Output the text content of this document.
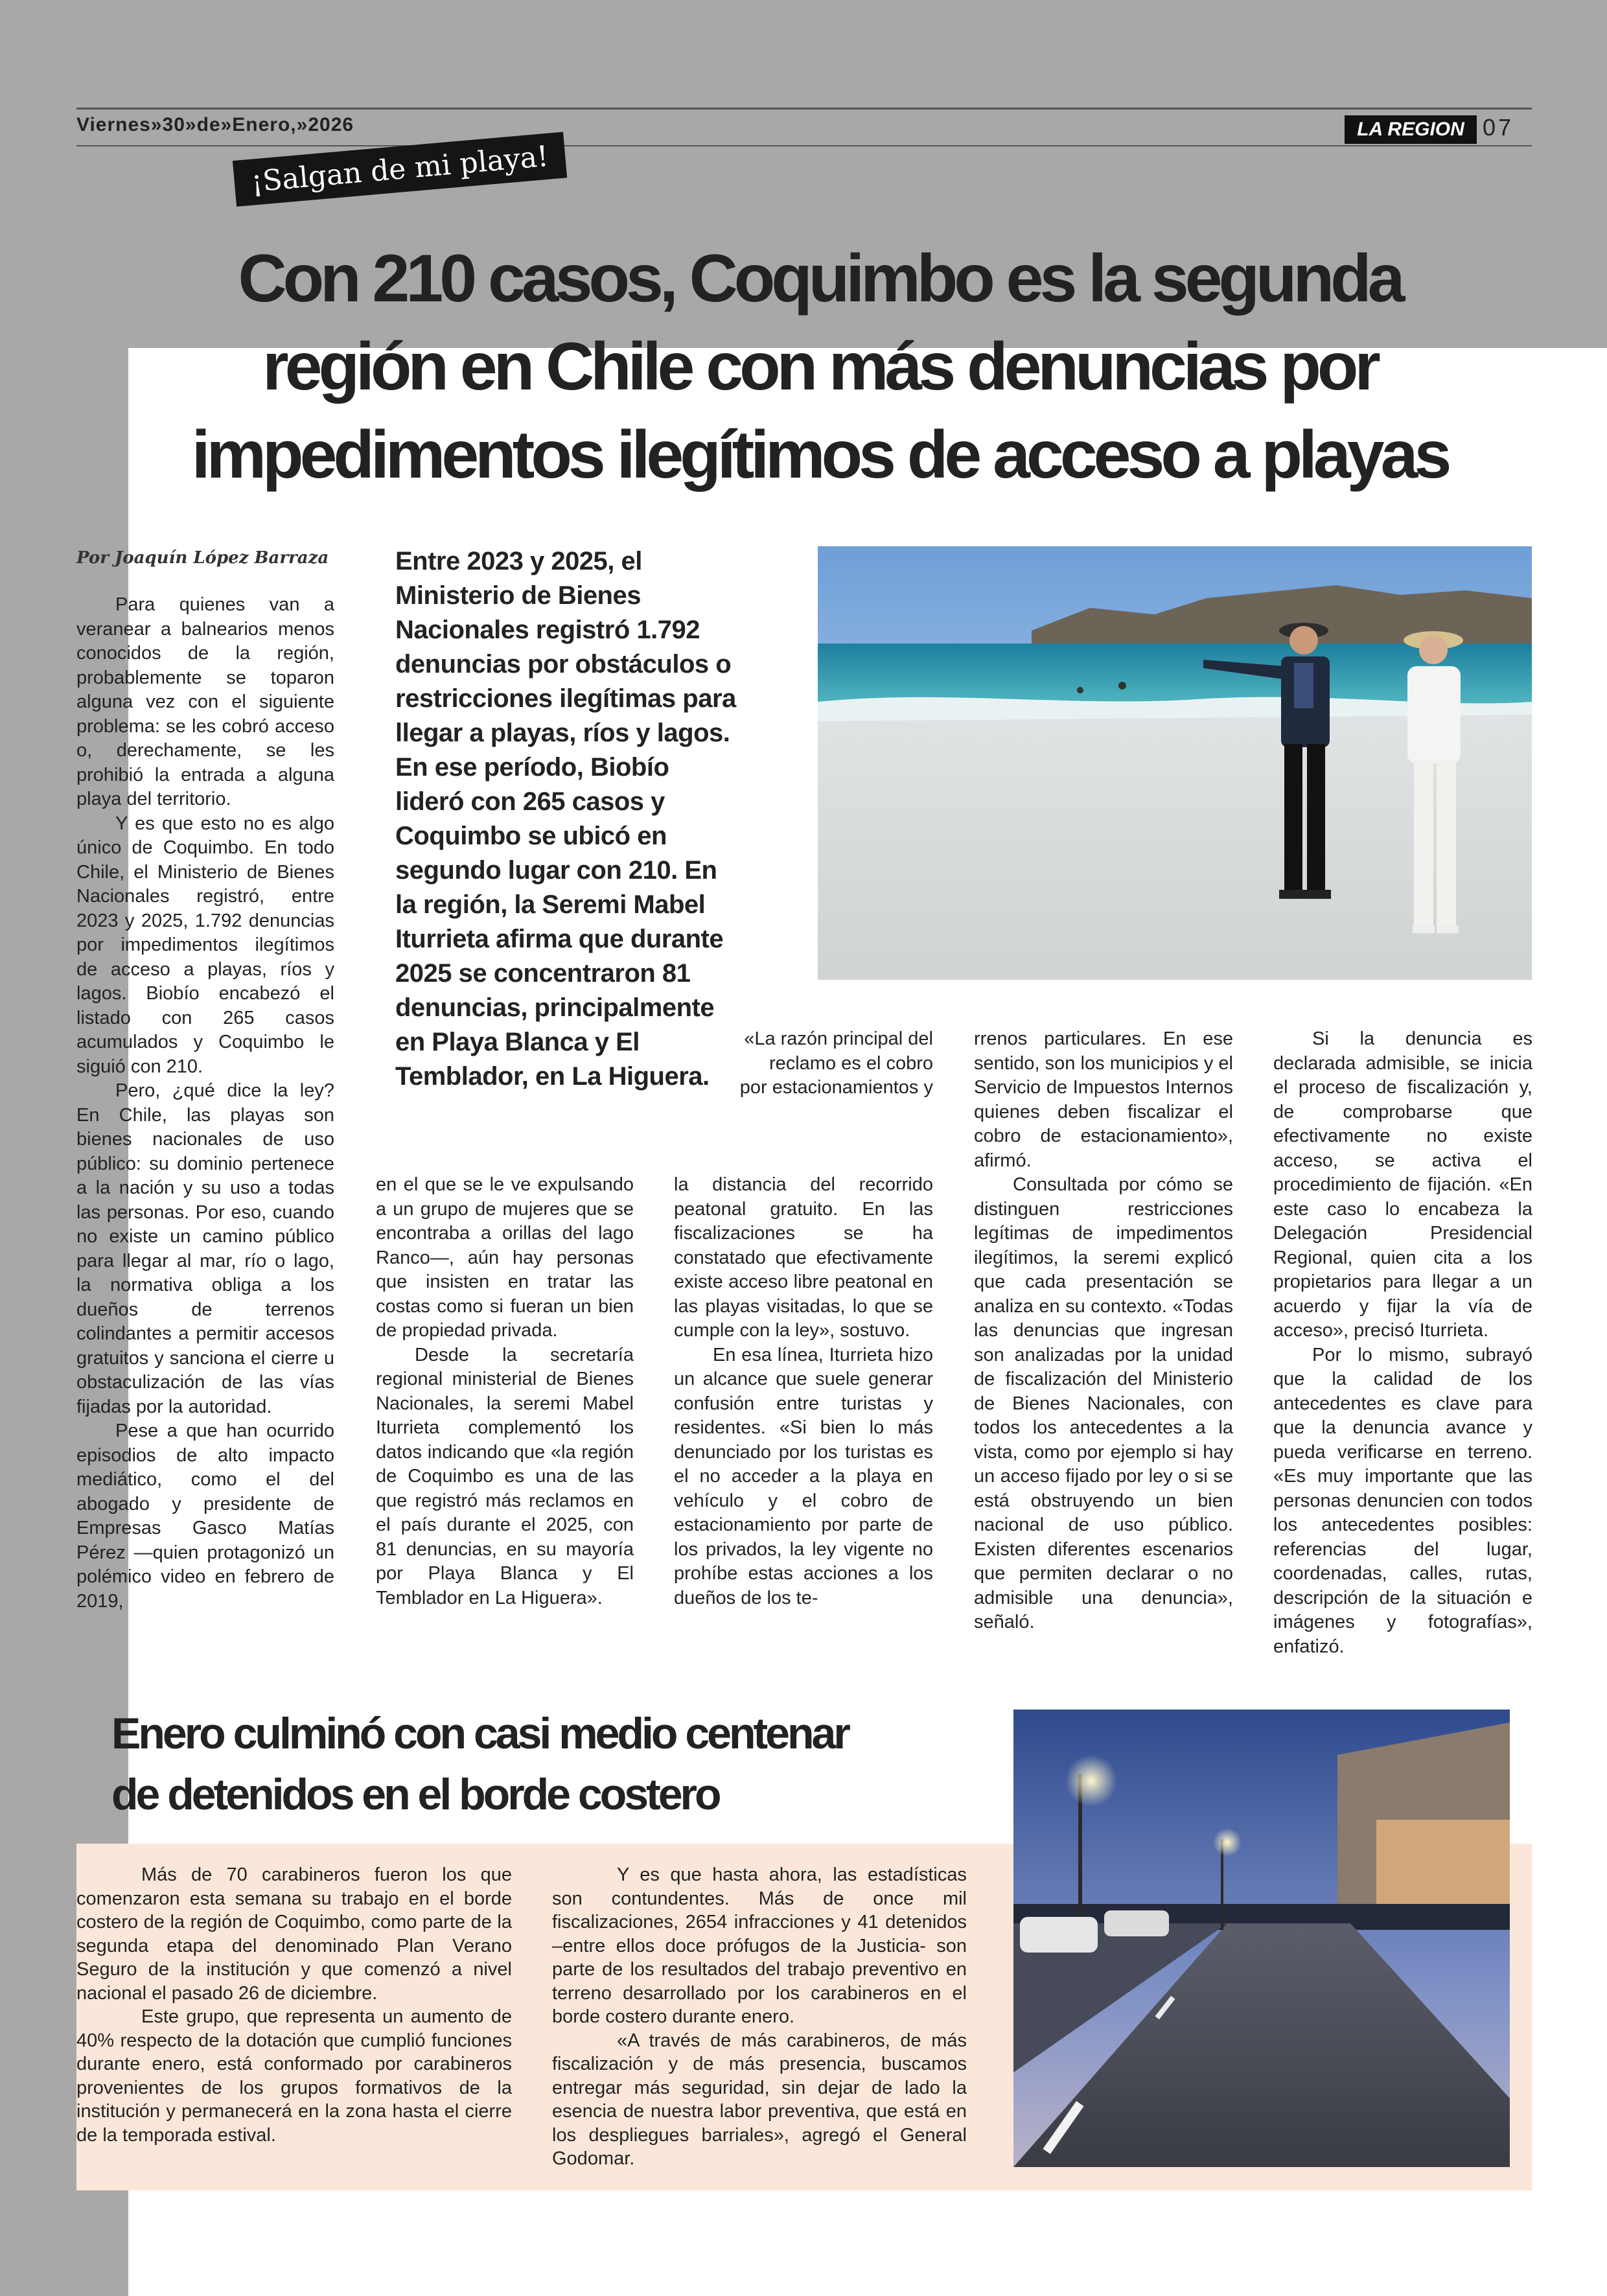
Viernes»30»de»Enero,»2026	LA REGION 07
¡Salgan de mi playa!
Con 210 casos, Coquimbo es la segunda región en Chile con más denuncias por impedimentos ilegítimos de acceso a playas
Por Joaquín López Barraza

Para quienes van a veranear a balnearios menos conocidos de la región, probablemente se toparon alguna vez con el siguiente problema: se les cobró acceso o, derechamente, se les prohibió la entrada a alguna playa del territorio.

Y es que esto no es algo único de Coquimbo. En todo Chile, el Ministerio de Bienes Nacionales registró, entre 2023 y 2025, 1.792 denuncias por impedimentos ilegítimos de acceso a playas, ríos y lagos. Biobío encabezó el listado con 265 casos acumulados y Coquimbo le siguió con 210.

Pero, ¿qué dice la ley? En Chile, las playas son bienes nacionales de uso público: su dominio pertenece a la nación y su uso a todas las personas. Por eso, cuando no existe un camino público para llegar al mar, río o lago, la normativa obliga a los dueños de terrenos colindantes a permitir accesos gratuitos y sanciona el cierre u obstaculización de las vías fijadas por la autoridad.

Pese a que han ocurrido episodios de alto impacto mediático, como el del abogado y presidente de Empresas Gasco Matías Pérez —quien protagonizó un polémico video en febrero de 2019,

Entre 2023 y 2025, el Ministerio de Bienes Nacionales registró 1.792 denuncias por obstáculos o restricciones ilegítimas para llegar a playas, ríos y lagos. En ese período, Biobío lideró con 265 casos y Coquimbo se ubicó en segundo lugar con 210. En la región, la Seremi Mabel Iturrieta afirma que durante 2025 se concentraron 81 denuncias, principalmente en Playa Blanca y El Temblador, en La Higuera.

en el que se le ve expulsando a un grupo de mujeres que se encontraba a orillas del lago Ranco—, aún hay personas que insisten en tratar las costas como si fueran un bien de propiedad privada.

Desde la secretaría regional ministerial de Bienes Nacionales, la seremi Mabel Iturrieta complementó los datos indicando que «la región de Coquimbo es una de las que registró más reclamos en el país durante el 2025, con 81 denuncias, en su mayoría por Playa Blanca y El Temblador en La Higuera».

«La razón principal del reclamo es el cobro por estacionamientos y

la distancia del recorrido peatonal gratuito. En las fiscalizaciones se ha constatado que efectivamente existe acceso libre peatonal en las playas visitadas, lo que se cumple con la ley», sostuvo.

En esa línea, Iturrieta hizo un alcance que suele generar confusión entre turistas y residentes. «Si bien lo más denunciado por los turistas es el no acceder a la playa en vehículo y el cobro de estacionamiento por parte de los privados, la ley vigente no prohíbe estas acciones a los dueños de los te-

rrenos particulares. En ese sentido, son los municipios y el Servicio de Impuestos Internos quienes deben fiscalizar el cobro de estacionamiento», afirmó.

Consultada por cómo se distinguen restricciones legítimas de impedimentos ilegítimos, la seremi explicó que cada presentación se analiza en su contexto. «Todas las denuncias que ingresan son analizadas por la unidad de fiscalización del Ministerio de Bienes Nacionales, con todos los antecedentes a la vista, como por ejemplo si hay un acceso fijado por ley o si se está obstruyendo un bien nacional de uso público. Existen diferentes escenarios que permiten declarar o no admisible una denuncia», señaló.

Si la denuncia es declarada admisible, se inicia el proceso de fiscalización y, de comprobarse que efectivamente no existe acceso, se activa el procedimiento de fijación. «En este caso lo encabeza la Delegación Presidencial Regional, quien cita a los propietarios para llegar a un acuerdo y fijar la vía de acceso», precisó Iturrieta.

Por lo mismo, subrayó que la calidad de los antecedentes es clave para que la denuncia avance y pueda verificarse en terreno. «Es muy importante que las personas denuncien con todos los antecedentes posibles: referencias del lugar, coordenadas, calles, rutas, descripción de la situación e imágenes y fotografías», enfatizó.

Enero culminó con casi medio centenar de detenidos en el borde costero

Más de 70 carabineros fueron los que comenzaron esta semana su trabajo en el borde costero de la región de Coquimbo, como parte de la segunda etapa del denominado Plan Verano Seguro de la institución y que comenzó a nivel nacional el pasado 26 de diciembre.

Este grupo, que representa un aumento de 40% respecto de la dotación que cumplió funciones durante enero, está conformado por carabineros provenientes de los grupos formativos de la institución y permanecerá en la zona hasta el cierre de la temporada estival.

Y es que hasta ahora, las estadísticas son contundentes. Más de once mil fiscalizaciones, 2654 infracciones y 41 detenidos –entre ellos doce prófugos de la Justicia- son parte de los resultados del trabajo preventivo en terreno desarrollado por los carabineros en el borde costero durante enero.

«A través de más carabineros, de más fiscalización y de más presencia, buscamos entregar más seguridad, sin dejar de lado la esencia de nuestra labor preventiva, que está en los despliegues barriales», agregó el General Godomar.
